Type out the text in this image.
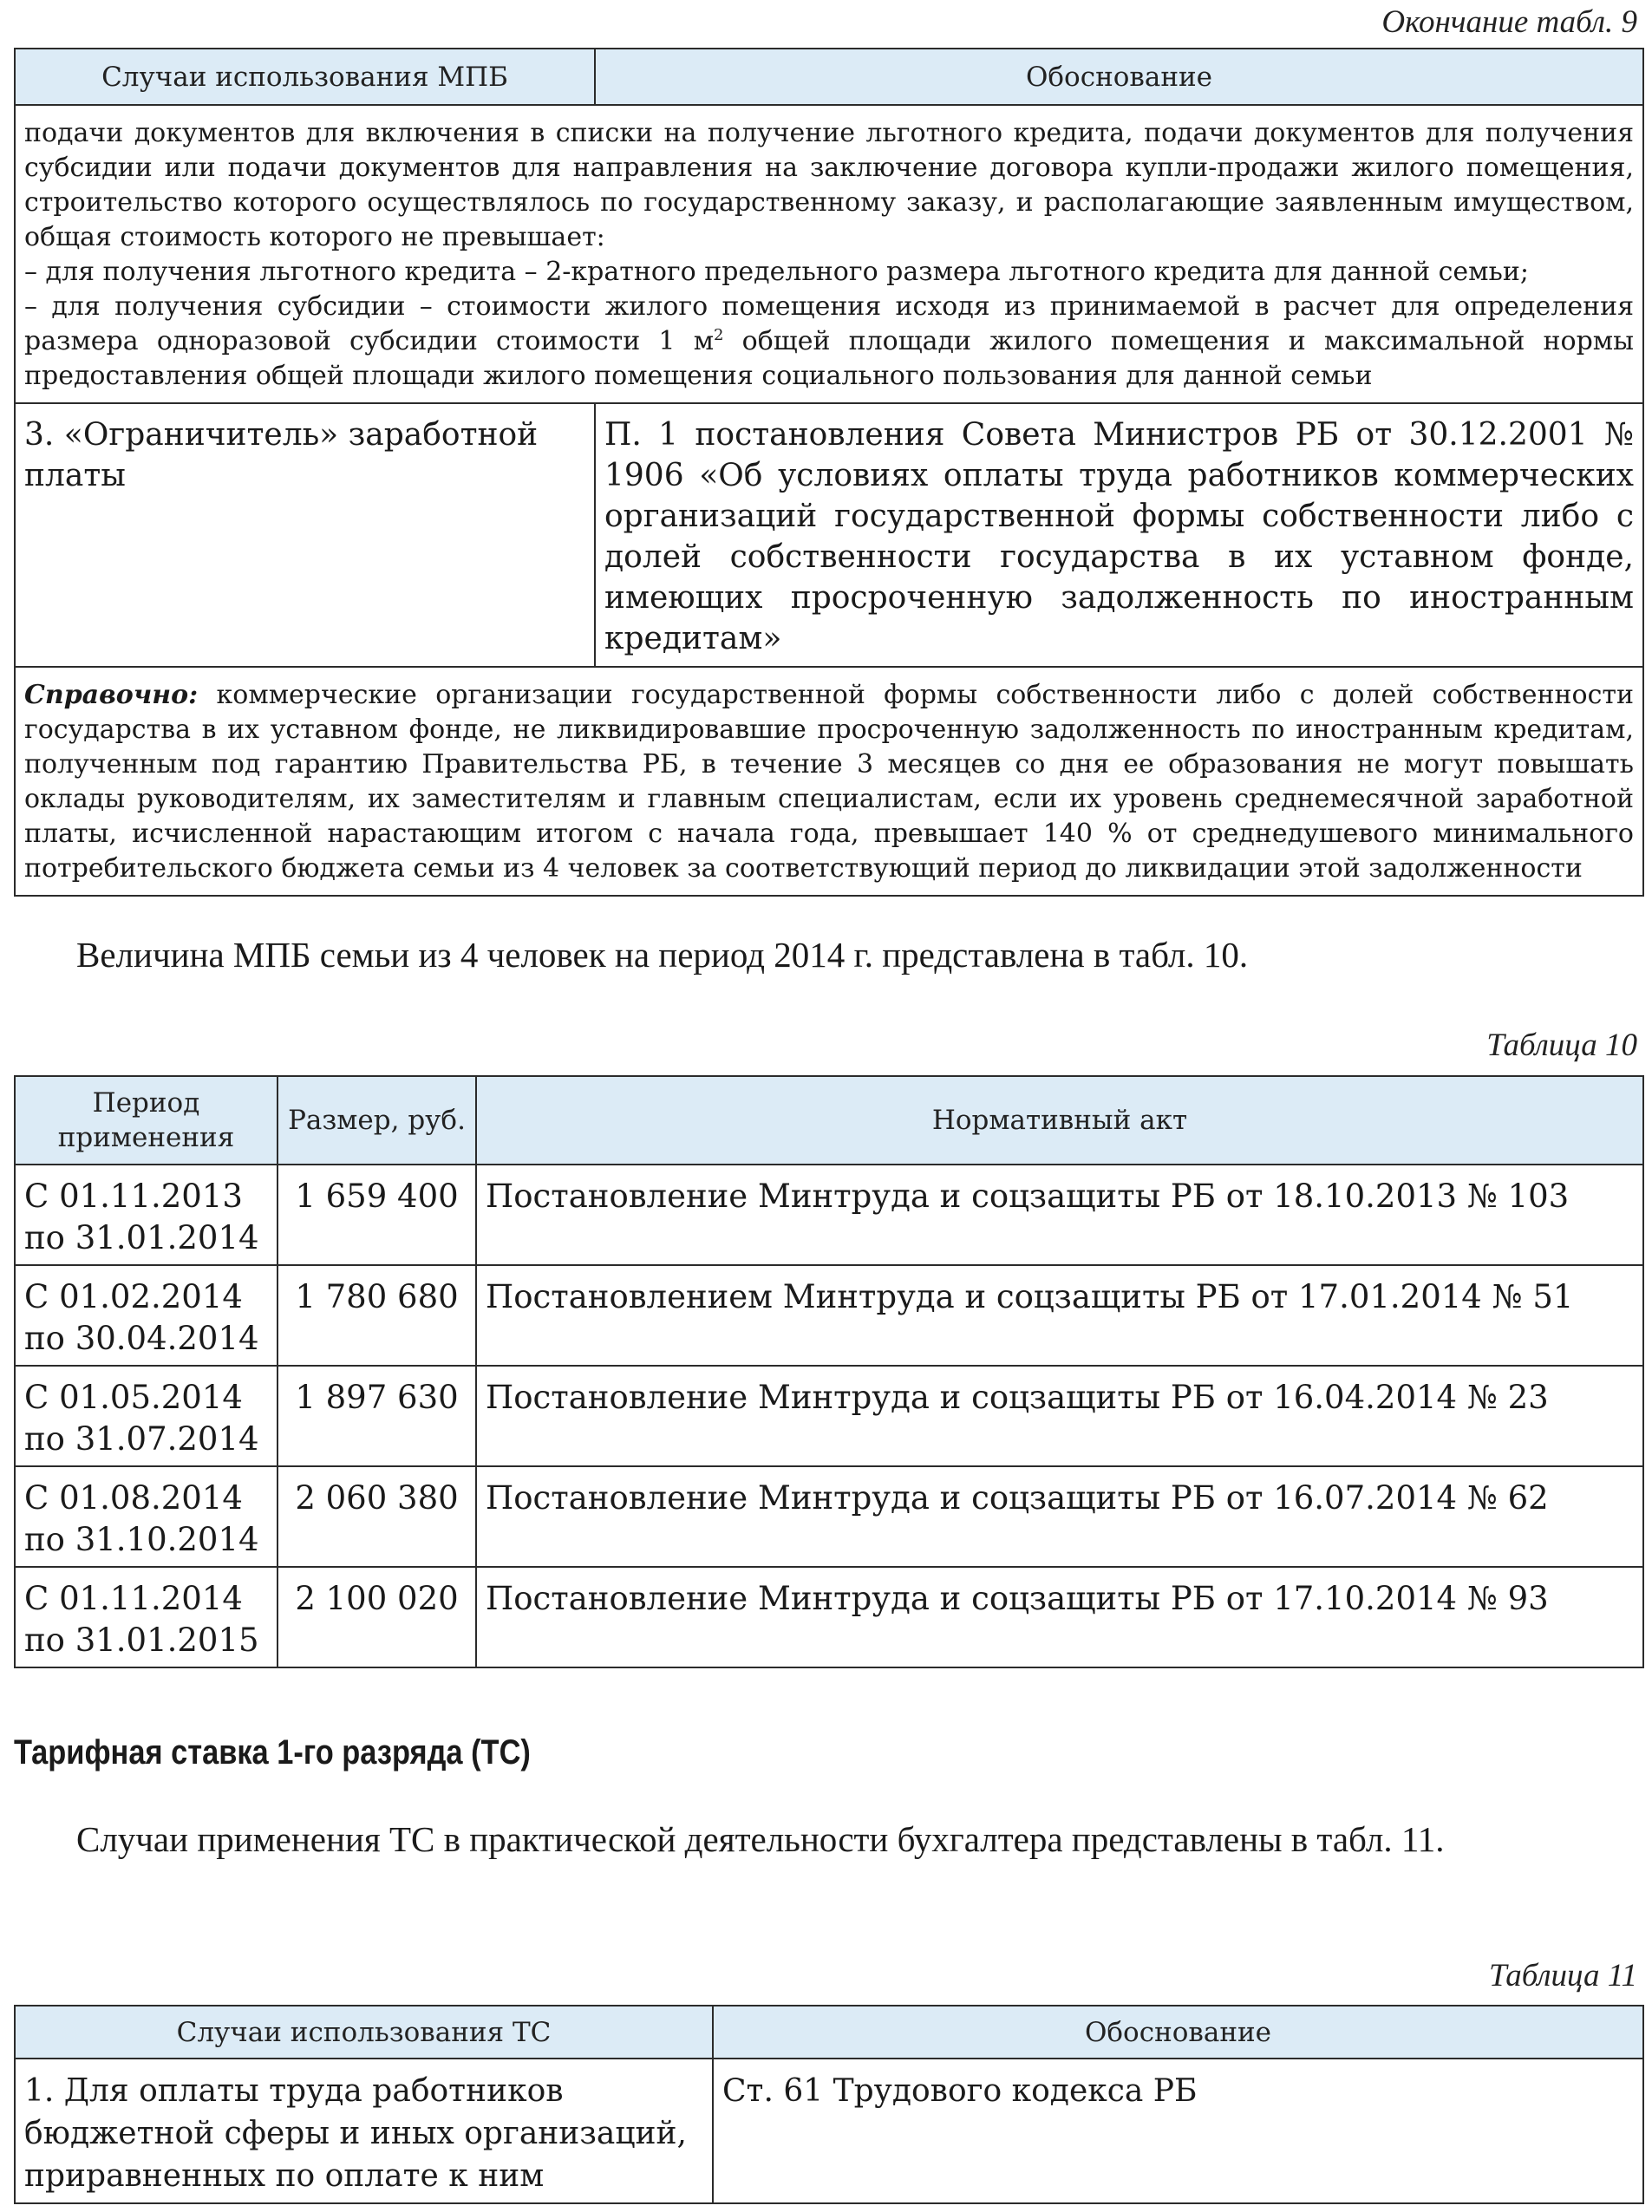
Окончание табл. 9
Случаи использования МПБ	Обоснование

подачи документов для включения в списки на получение льготного кредита, подачи документов для получения субсидии или подачи документов для направления на заключение договора купли-продажи жилого помещения, строительство которого осуществлялось по государственному заказу, и располагающие заявленным имуществом, общая стоимость которого не превышает:
– для получения льготного кредита – 2-кратного предельного размера льготного кредита для данной семьи;
– для получения субсидии – стоимости жилого помещения исходя из принимаемой в расчет для определения размера одноразовой субсидии стоимости 1 $м^2$ общей площади жилого помещения и максимальной нормы предоставления общей площади жилого помещения социального пользования для данной семьи	

3. «Ограничитель» заработной платы	П. 1 постановления Совета Министров РБ от 30.12.2001 № 1906 «Об условиях оплаты труда работников коммерческих организаций государственной формы собственности либо с долей собственности государства в их уставном фонде, имеющих просроченную задолженность по иностранным кредитам»
Справочно: коммерческие организации государственной формы собственности либо с долей собственности государства в их уставном фонде, не ликвидировавшие просроченную задолженность по иностранным кредитам, полученным под гарантию Правительства РБ, в течение 3 месяцев со дня ее образования не могут повышать оклады руководителям, их заместителям и главным специалистам, если их уровень среднемесячной заработной платы, исчисленной нарастающим итогом с начала года, превышает 140 % от среднедушевого минимального потребительского бюджета семьи из 4 человек за соответствующий период до ликвидации этой задолженности	
Величина МПБ семьи из 4 человек на период 2014 г. представлена в табл. 10.
Таблица 10
Период применения	Размер, руб.	Нормативный акт
С 01.11.2013 по 31.01.2014	1 659 400	Постановление Минтруда и соцзащиты РБ от 18.10.2013 № 103
С 01.02.2014 по 30.04.2014	1 780 680	Постановлением Минтруда и соцзащиты РБ от 17.01.2014 № 51
С 01.05.2014 по 31.07.2014	1 897 630	Постановление Минтруда и соцзащиты РБ от 16.04.2014 № 23
С 01.08.2014 по 31.10.2014	2 060 380	Постановление Минтруда и соцзащиты РБ от 16.07.2014 № 62
С 01.11.2014 по 31.01.2015	2 100 020	Постановление Минтруда и соцзащиты РБ от 17.10.2014 № 93
Тарифная ставка 1-го разряда (ТС)
Случаи применения ТС в практической деятельности бухгалтера представлены в табл. 11.
Таблица 11
Случаи использования ТС	Обоснование
1. Для оплаты труда работников бюджетной сферы и иных организаций, приравненных по оплате к ним	Ст. 61 Трудового кодекса РБ
